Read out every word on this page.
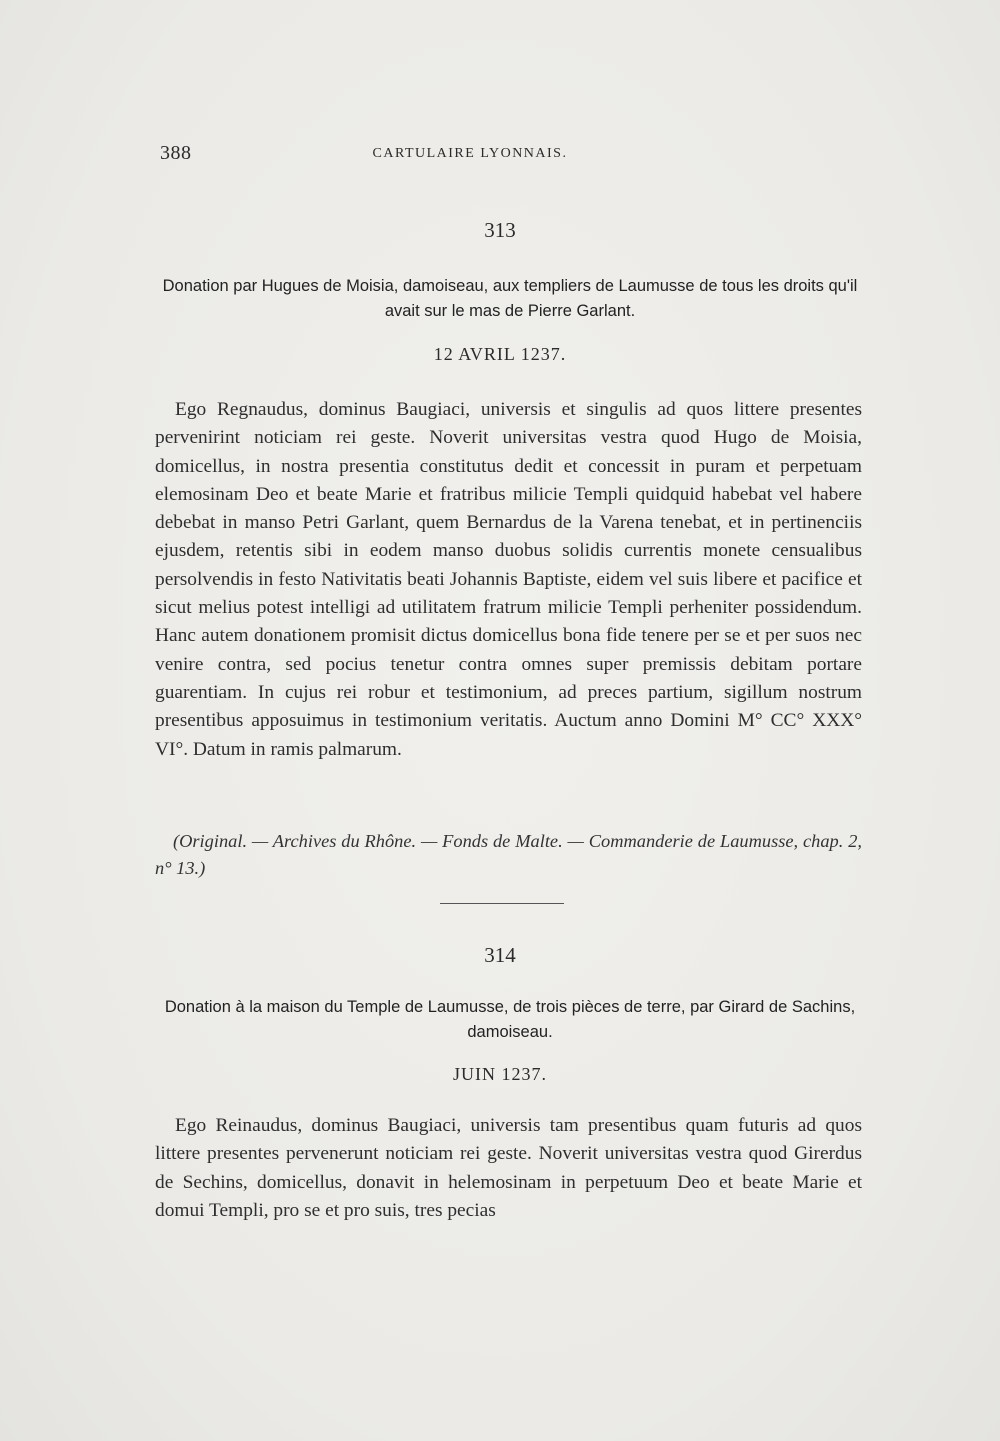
388	CARTULAIRE LYONNAIS.
313
Donation par Hugues de Moisia, damoiseau, aux templiers de Laumusse de tous les droits qu'il avait sur le mas de Pierre Garlant.
12 AVRIL 1237.

Ego Regnaudus, dominus Baugiaci, universis et singulis ad quos littere presentes pervenirint noticiam rei geste. Noverit universitas vestra quod Hugo de Moisia, domicellus, in nostra presentia constitutus dedit et concessit in puram et perpetuam elemosinam Deo et beate Marie et fratribus milicie Templi quidquid habebat vel habere debebat in manso Petri Garlant, quem Bernardus de la Varena tenebat, et in pertinenciis ejusdem, retentis sibi in eodem manso duobus solidis currentis monete censualibus persolvendis in festo Nativitatis beati Johannis Baptiste, eidem vel suis libere et pacifice et sicut melius potest intelligi ad utilitatem fratrum milicie Templi perheniter possidendum. Hanc autem donationem promisit dictus domicellus bona fide tenere per se et per suos nec venire contra, sed pocius tenetur contra omnes super premissis debitam portare guarentiam. In cujus rei robur et testimonium, ad preces partium, sigillum nostrum presentibus apposuimus in testimonium veritatis. Auctum anno Domini M° CC° XXX° VI°. Datum in ramis palmarum.

(Original. — Archives du Rhône. — Fonds de Malte. — Commanderie de Laumusse, chap. 2, n° 13.)

314
Donation à la maison du Temple de Laumusse, de trois pièces de terre, par Girard de Sachins, damoiseau.
JUIN 1237.

Ego Reinaudus, dominus Baugiaci, universis tam presentibus quam futuris ad quos littere presentes pervenerunt noticiam rei geste. Noverit universitas vestra quod Girerdus de Sechins, domicellus, donavit in helemosinam in perpetuum Deo et beate Marie et domui Templi, pro se et pro suis, tres pecias
